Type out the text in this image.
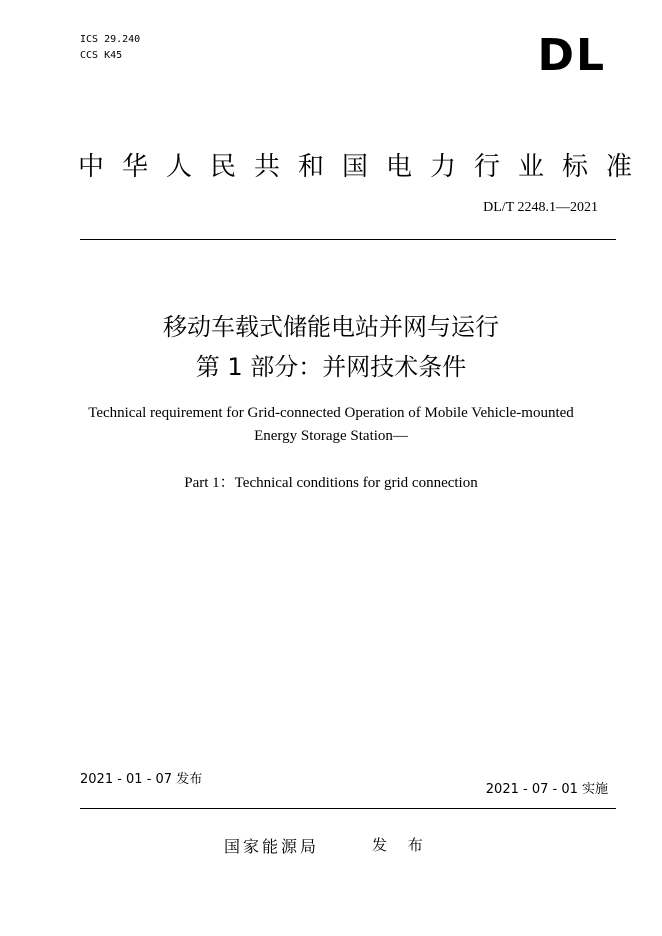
ICS 29.240
CCS K45	DL
中华人民共和国电力行业标准
DL/T 2248.1—2021
移动车载式储能电站并网与运行
第 1 部分：并网技术条件
Technical requirement for Grid-connected Operation of Mobile Vehicle-mounted
Energy Storage Station—
Part 1：Technical conditions for grid connection
2021 - 01 - 07 发布
2021 - 07 - 01 实施
国家能源局	发 布
